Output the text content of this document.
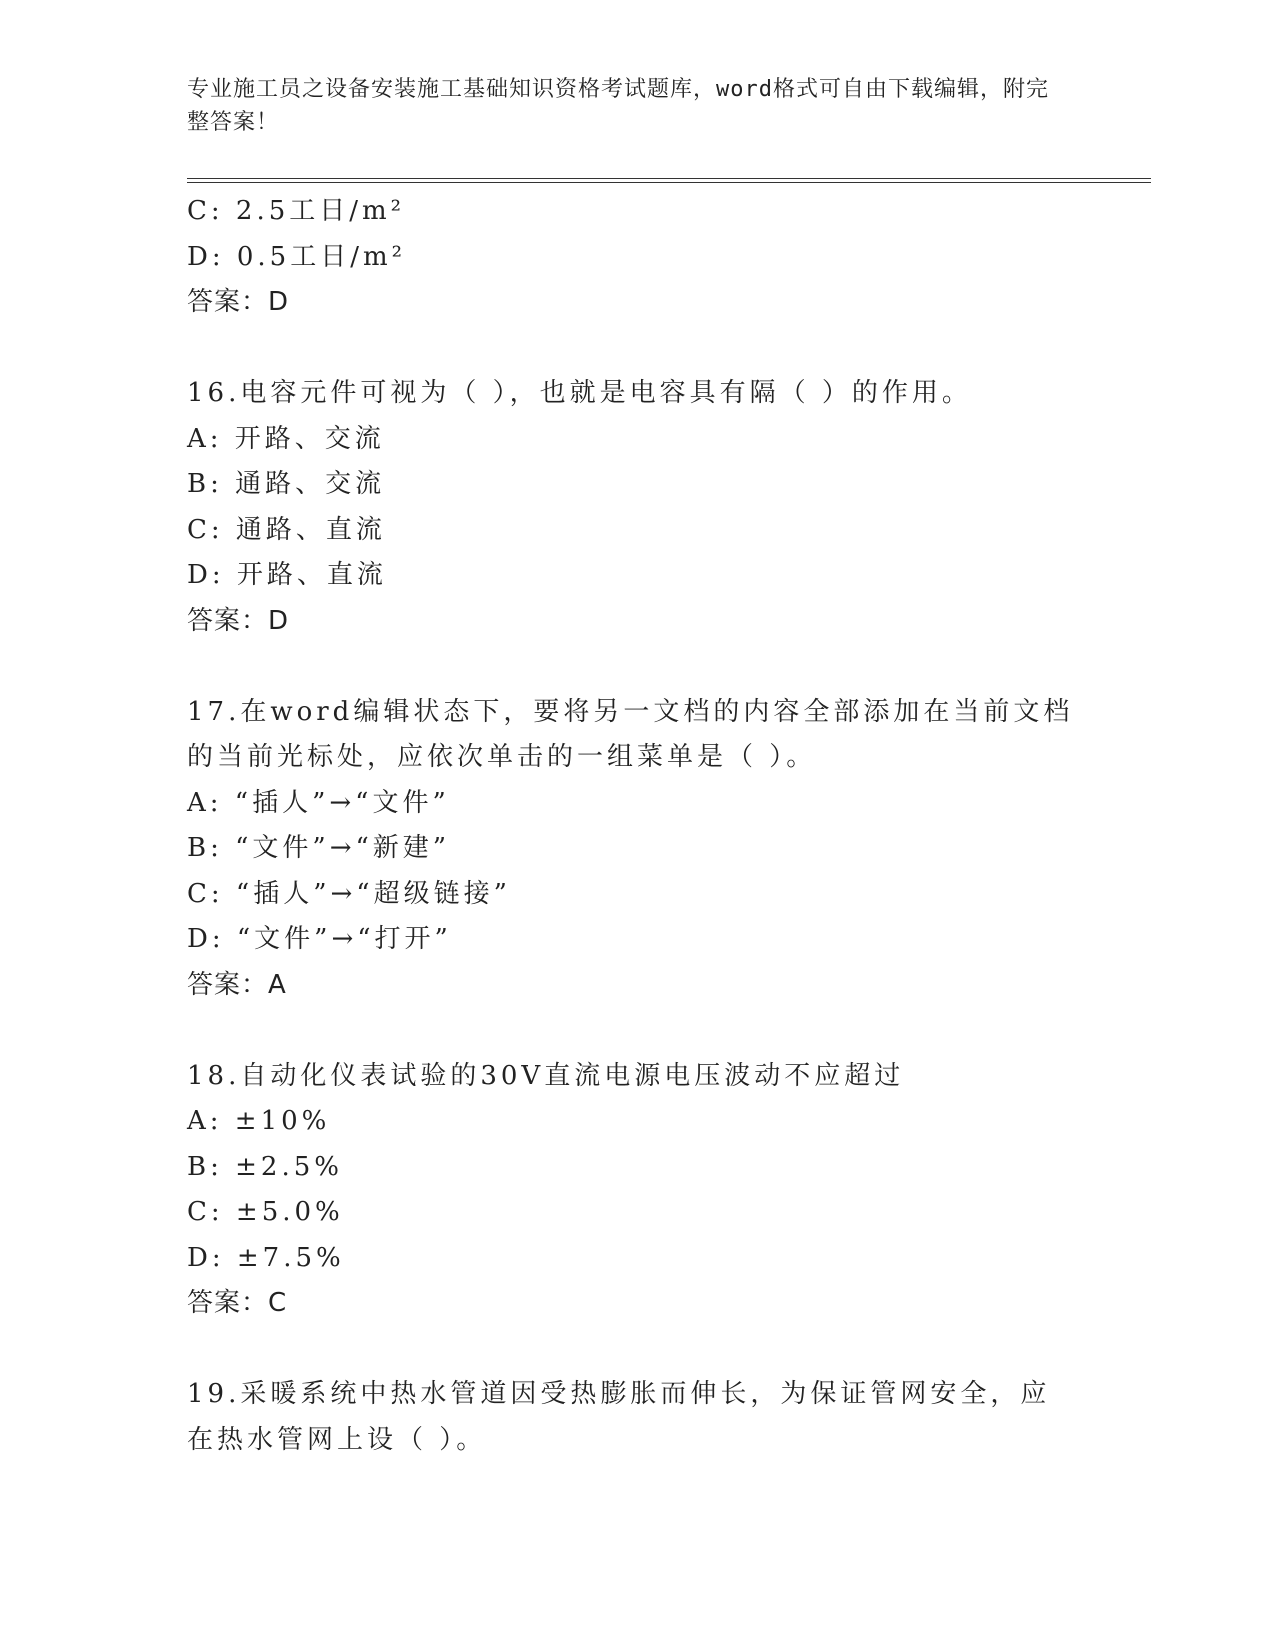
专业施工员之设备安装施工基础知识资格考试题库，word格式可自由下载编辑，附完整答案！
C: 2.5工日/m²
D: 0.5工日/m²
答案：D
16.电容元件可视为（ ），也就是电容具有隔（ ）的作用。
A: 开路、交流
B: 通路、交流
C: 通路、直流
D: 开路、直流
答案：D
17.在word编辑状态下，要将另一文档的内容全部添加在当前文档的当前光标处，应依次单击的一组菜单是（ ）。
A: “插人”→“文件”
B: “文件”→“新建”
C: “插人”→“超级链接”
D: “文件”→“打开”
答案：A
18.自动化仪表试验的30V直流电源电压波动不应超过
A: ±10%
B: ±2.5%
C: ±5.0%
D: ±7.5%
答案：C
19.采暖系统中热水管道因受热膨胀而伸长，为保证管网安全，应在热水管网上设（ ）。
